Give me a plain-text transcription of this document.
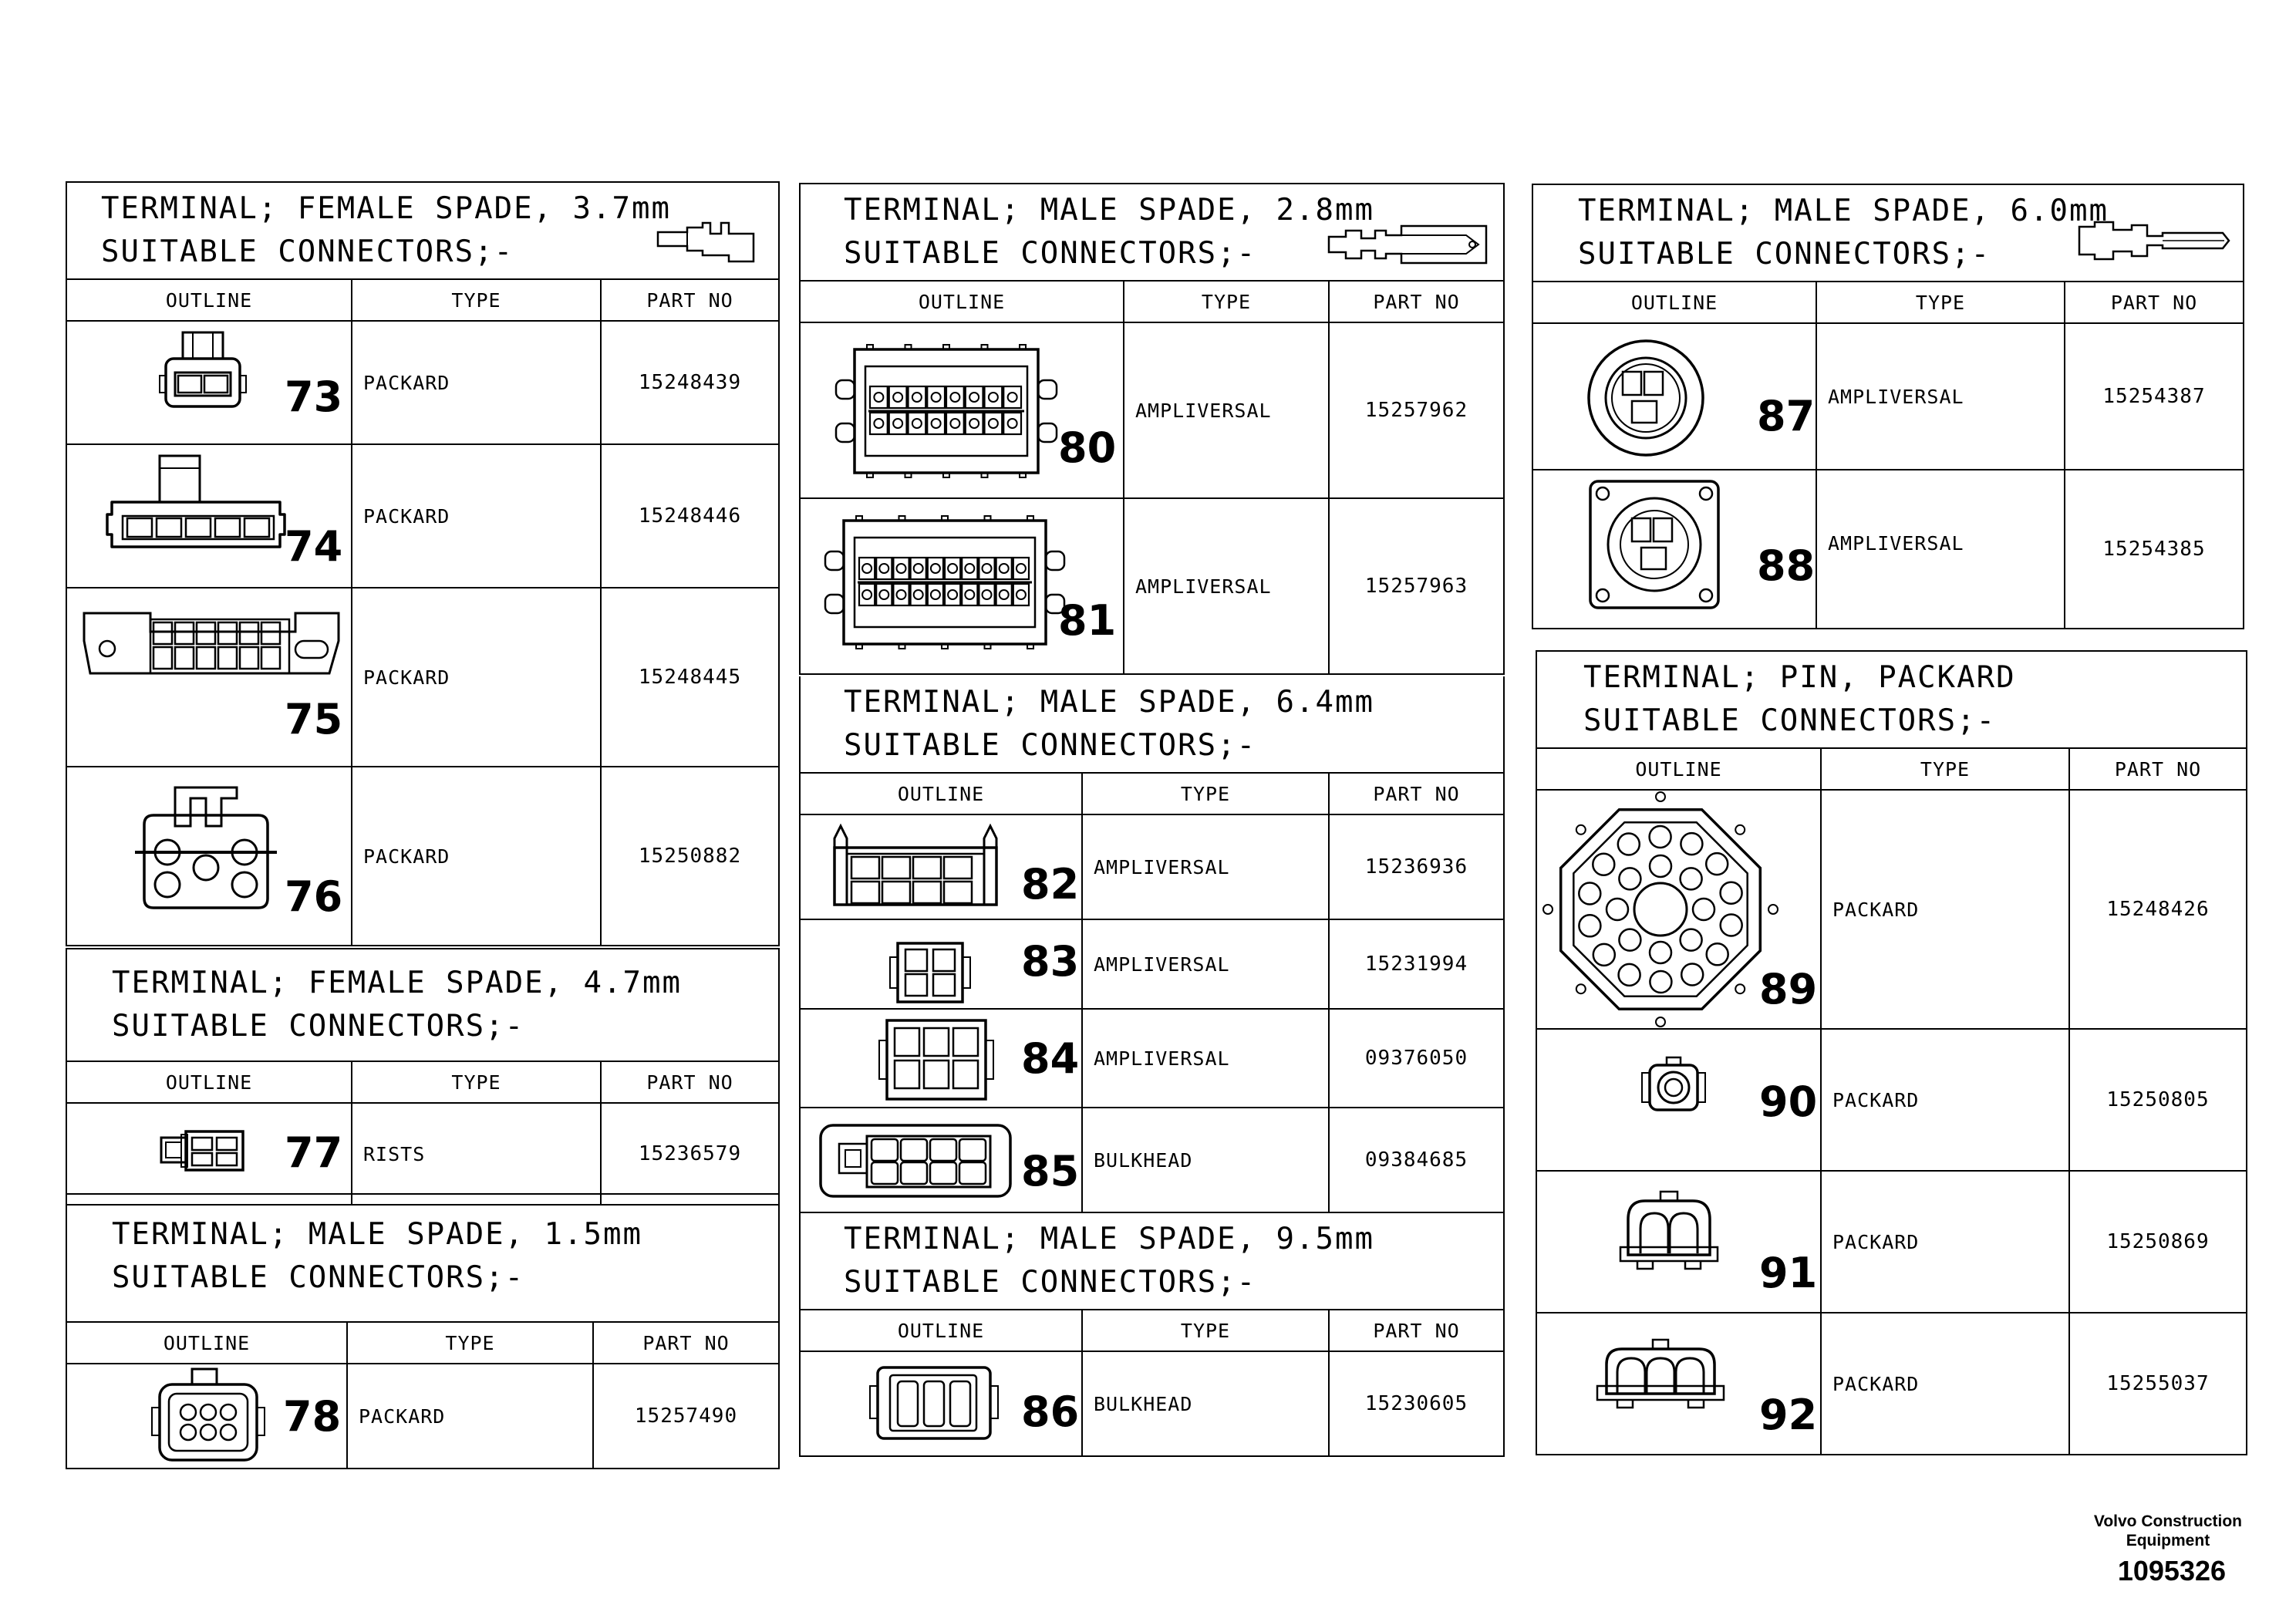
TERMINAL; FEMALE SPADE, 3.7mm
SUITABLE CONNECTORS;-		

OUTLINE	TYPE	PART NO

73	PACKARD	15248439

74	PACKARD	15248446

75	PACKARD	15248445

76	PACKARD	15250882
TERMINAL; FEMALE SPADE, 4.7mm
SUITABLE CONNECTORS;-		

OUTLINE	TYPE	PART NO

77	RISTS	15236579
TERMINAL; MALE SPADE, 1.5mm
SUITABLE CONNECTORS;-		

OUTLINE	TYPE	PART NO

78	PACKARD	15257490
TERMINAL; MALE SPADE, 2.8mm
SUITABLE CONNECTORS;-		

OUTLINE	TYPE	PART NO

80	AMPLIVERSAL	15257962

81	AMPLIVERSAL	15257963
TERMINAL; MALE SPADE, 6.4mm
SUITABLE CONNECTORS;-		

OUTLINE	TYPE	PART NO

82	AMPLIVERSAL	15236936

83	AMPLIVERSAL	15231994

84	AMPLIVERSAL	09376050

85	BULKHEAD	09384685
TERMINAL; MALE SPADE, 9.5mm
SUITABLE CONNECTORS;-		

OUTLINE	TYPE	PART NO

86	BULKHEAD	15230605
TERMINAL; MALE SPADE, 6.0mm
SUITABLE CONNECTORS;-		

OUTLINE	TYPE	PART NO

87	AMPLIVERSAL	15254387

88	AMPLIVERSAL	15254385
TERMINAL; PIN, PACKARD
SUITABLE CONNECTORS;-		

OUTLINE	TYPE	PART NO

89	PACKARD	15248426

90	PACKARD	15250805

91	PACKARD	15250869

92	PACKARD	15255037
Volvo Construction
Equipment
1095326
